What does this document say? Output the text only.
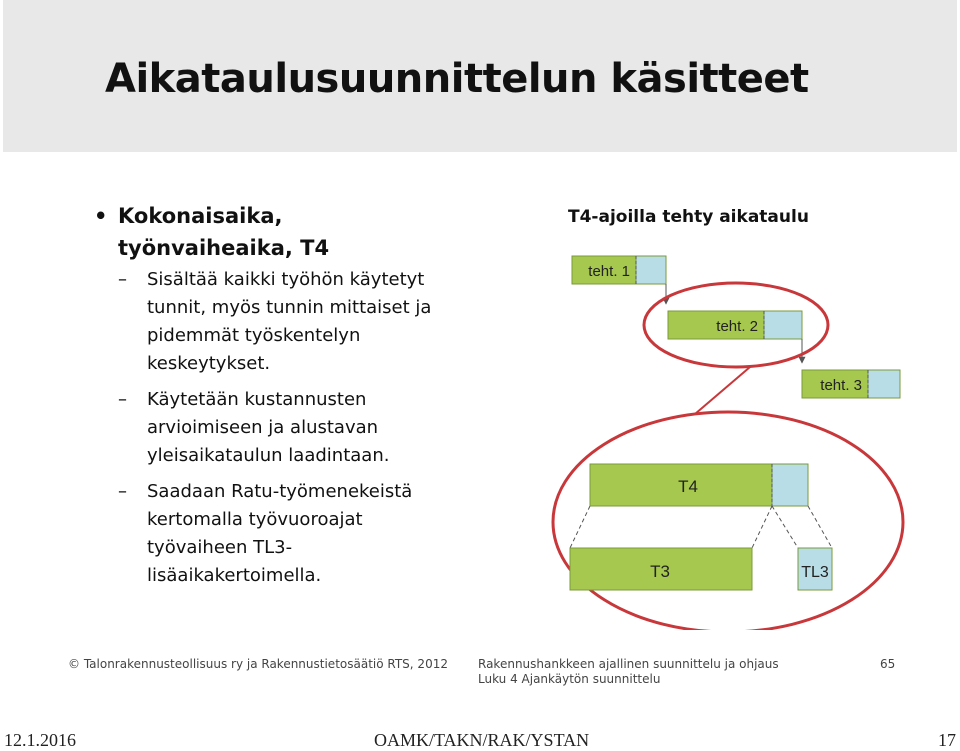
Aikataulusuunnittelun käsitteet
• Kokonaisaika,
työnvaiheaika, T4
– Sisältää kaikki työhön käytetyt
tunnit, myös tunnin mittaiset ja
pidemmät työskentelyn
keskeytykset.
– Käytetään kustannusten
arvioimiseen ja alustavan
yleisaikataulun laadintaan.
– Saadaan Ratu-työmenekeistä
kertomalla työvuoroajat
työvaiheen TL3-
lisäaikakertoimella.
T4-ajoilla tehty aikataulu
teht. 1
teht. 2
teht. 3
T4
T3	TL3
© Talonrakennusteollisuus ry ja Rakennustietosäätiö RTS, 2012	Rakennushankkeen ajallinen suunnittelu ja ohjaus
Luku 4 Ajankäytön suunnittelu
65
12.1.2016	OAMK/TAKN/RAK/YSTAN	17
